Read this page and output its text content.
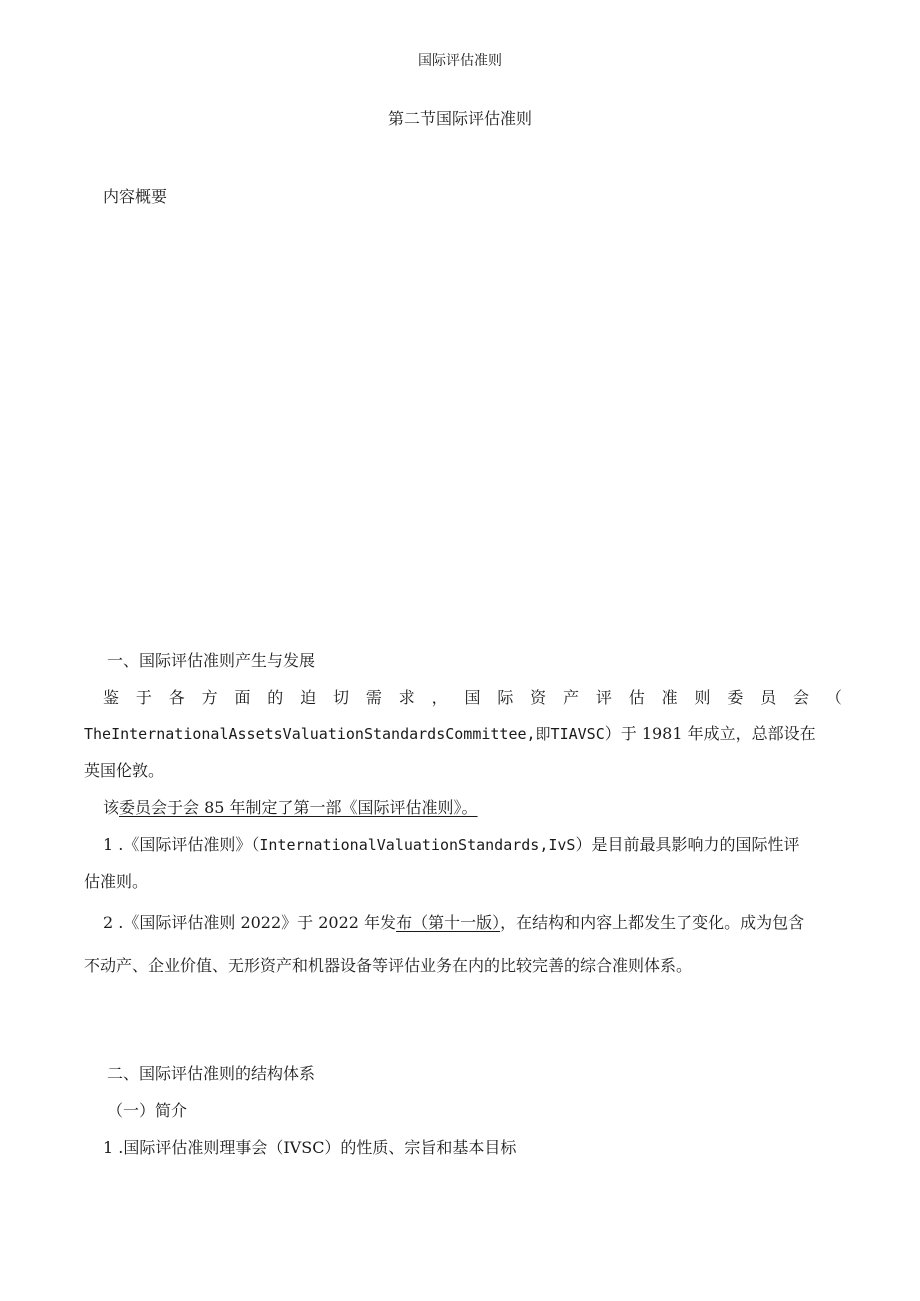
国际评估准则
第二节国际评估准则
内容概要
一、国际评估准则产生与发展
鉴 于 各 方 面 的 迫 切 需 求 ， 国 际 资 产 评 估 准 则 委 员 会 （
TheInternationalAssetsValuationStandardsCommittee,即TIAVSC）于 1981 年成立，总部设在
英国伦敦。
该委员会于会 85 年制定了第一部《国际评估准则》。
1 .《国际评估准则》（InternationalValuationStandards,IvS）是目前最具影响力的国际性评
估准则。
2 .《国际评估准则 2022》于 2022 年发布（第十一版），在结构和内容上都发生了变化。成为包含
不动产、企业价值、无形资产和机器设备等评估业务在内的比较完善的综合准则体系。
二、国际评估准则的结构体系
（一）简介
1 .国际评估准则理事会（IVSC）的性质、宗旨和基本目标
